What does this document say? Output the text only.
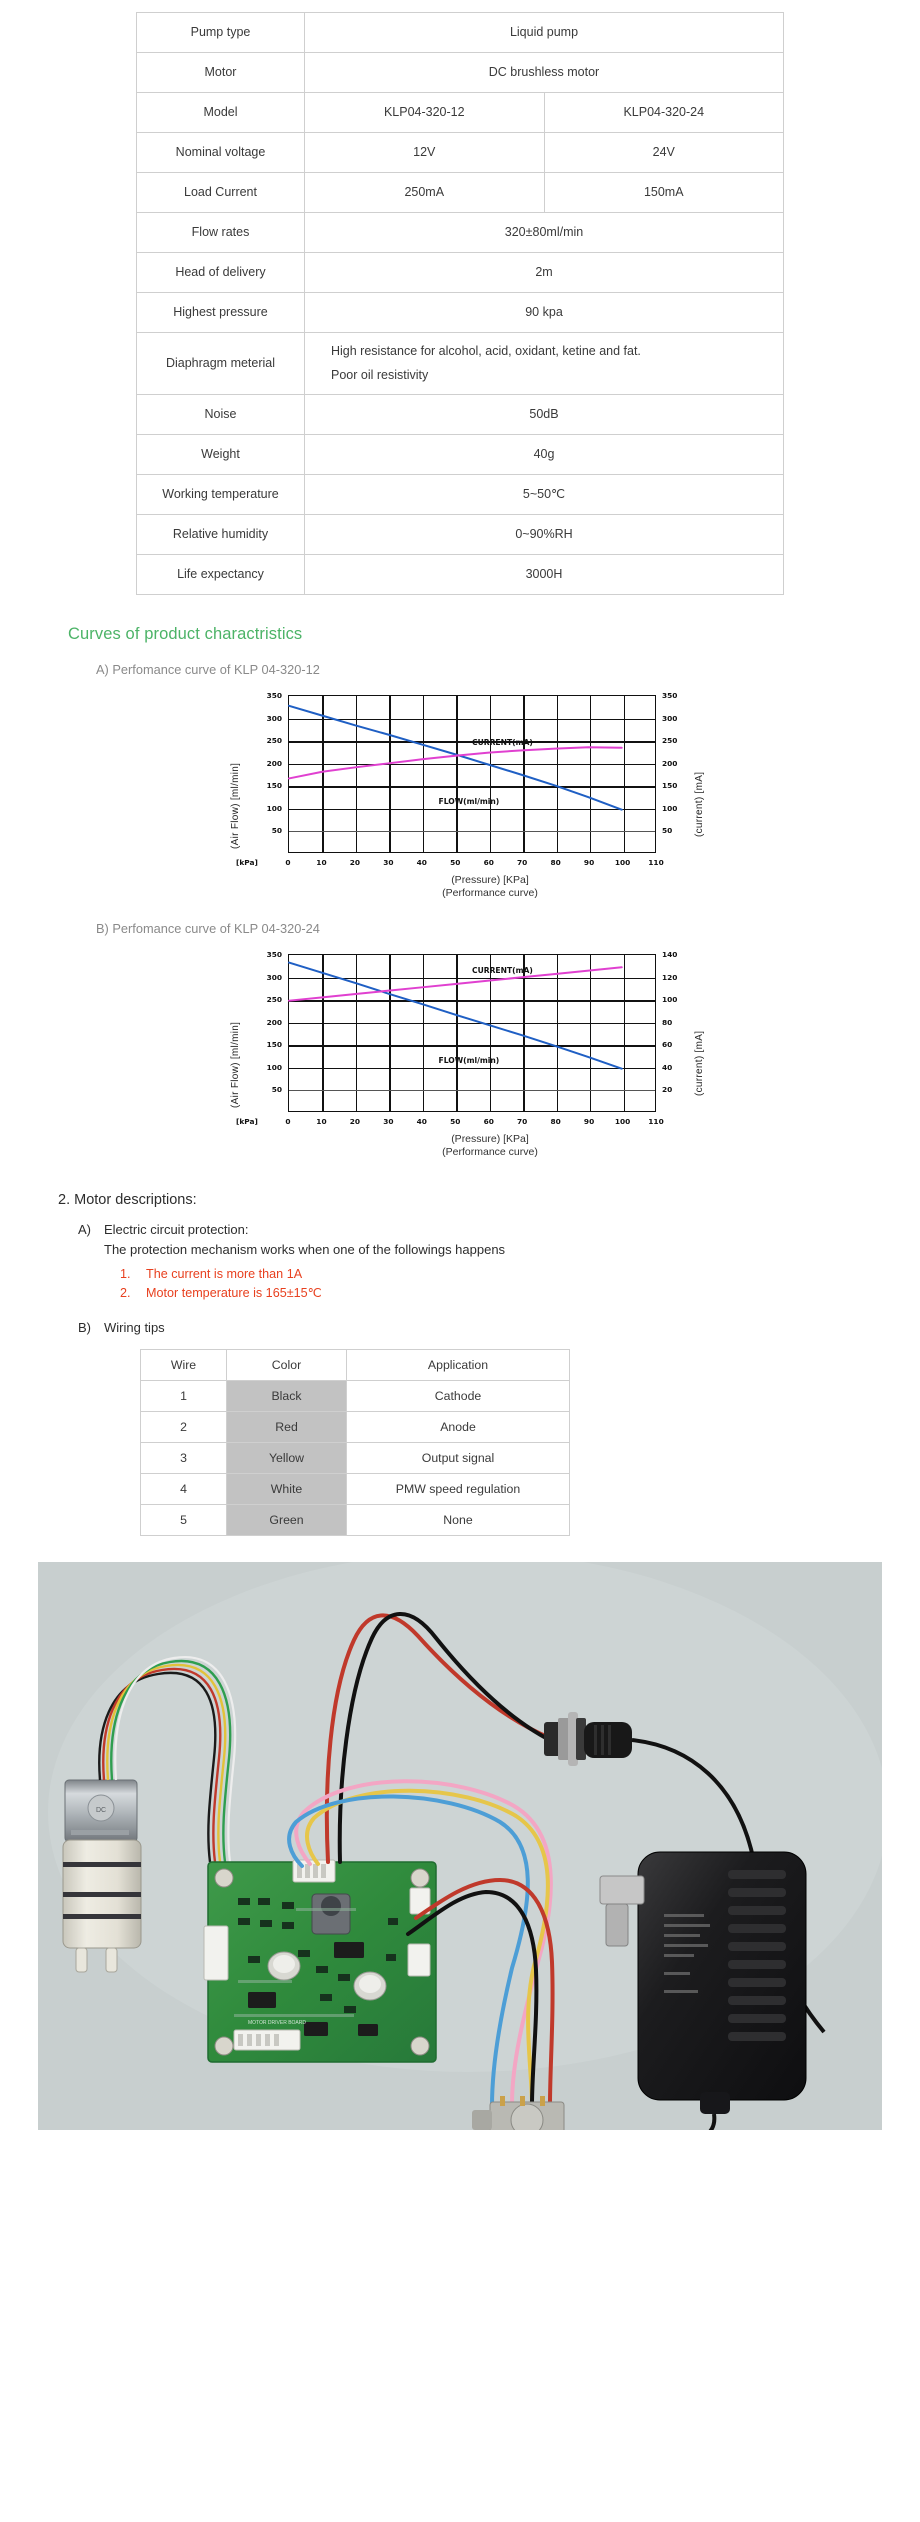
Pump type	Liquid pump	
Motor	DC brushless motor	
Model	KLP04-320-12	KLP04-320-24
Nominal voltage	12V	24V
Load Current	250mA	150mA
Flow rates	320±80ml/min	
Head of delivery	2m	
Highest pressure	90 kpa	
Diaphragm meterial	High resistance for alcohol, acid, oxidant, ketine and fat.
Poor oil resistivity	

Noise	50dB	
Weight	40g	
Working temperature	5~50℃	
Relative humidity	0~90%RH	
Life expectancy	3000H	
Curves of product charactristics
A) Perfomance curve of KLP 04-320-12
50
100
150
200
250
300
350
50
100
150
200
250
300
350
0	10	20	30	40	50	60	70	80	90	100	110
[kPa]
(Air Flow) [ml/min]	(current) [mA]
CURRENT(mA)
FLOW(ml/min)
(Pressure) [KPa]
(Performance curve)
B) Perfomance curve of KLP 04-320-24
50
100
150
200
250
300
350
20
40
60
80
100
120
140
0	10	20	30	40	50	60	70	80	90	100	110
[kPa]
(Air Flow) [ml/min]	(current) [mA]
CURRENT(mA)
FLOW(ml/min)
(Pressure) [KPa]
(Performance curve)
2. Motor descriptions:
A) Electric circuit protection:
The protection mechanism works when one of the followings happens
1. The current is more than 1A
2. Motor temperature is 165±15℃
B) Wiring tips
Wire	Color	Application
1	Black	Cathode
2	Red	Anode
3	Yellow	Output signal
4	White	PMW speed regulation
5	Green	None
DC
MOTOR DRIVER BOARD
